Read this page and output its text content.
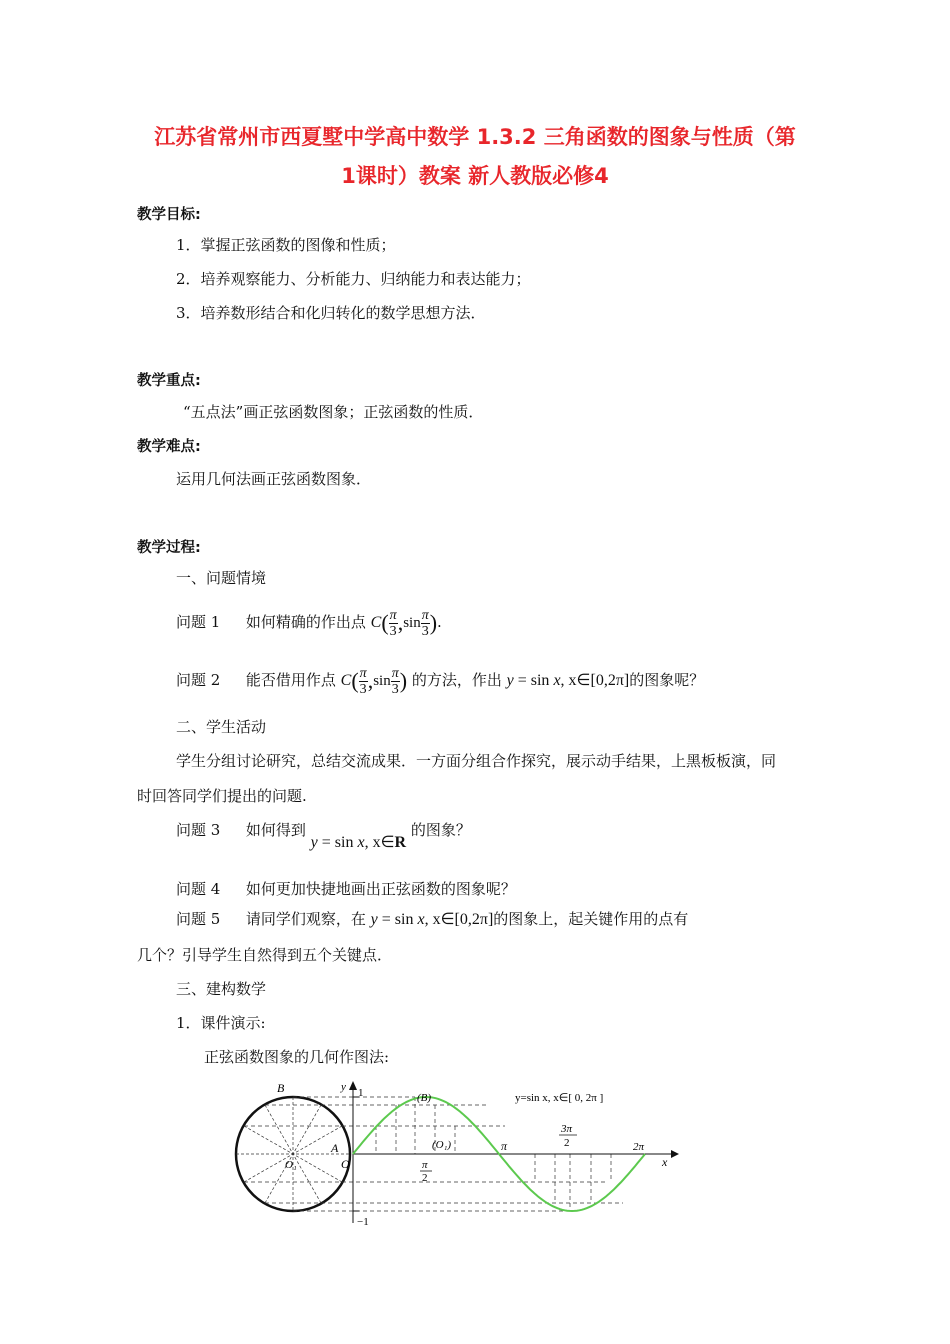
江苏省常州市西夏墅中学高中数学 1.3.2 三角函数的图象与性质（第
1课时）教案 新人教版必修4
教学目标:
1．掌握正弦函数的图像和性质；
2．培养观察能力、分析能力、归纳能力和表达能力；
3．培养数形结合和化归转化的数学思想方法．
教学重点:
“五点法”画正弦函数图象；正弦函数的性质．
教学难点:
运用几何法画正弦函数图象．
教学过程:
一、问题情境
问题 1 如何精确的作出点 $C( \frac{\pi}{3} ,\sin \frac{\pi}{3}$ ).
问题 2 能否借用作点 $C( \frac{\pi}{3} ,\sin \frac{\pi}{3}$ ) 的方法，作出 y = sin x, x∈[0,2π]的图象呢？
二、学生活动
学生分组讨论研究，总结交流成果．一方面分组合作探究，展示动手结果，上黑板板演，同
时回答同学们提出的问题.
问题 3 如何得到 y = sin x, x∈R 的图象？
问题 4 如何更加快捷地画出正弦函数的图象呢？
问题 5 请同学们观察，在 y = sin x, x∈[0,2π]的图象上，起关键作用的点有
几个？引导学生自然得到五个关键点．
三、建构数学
1．课件演示:
正弦函数图象的几何作图法:
B
A
O₁
y 1
−1
O
(B)
(O₁)	π
π
2
3π
2	2π
x
y=sin x, x∈[ 0, 2π ]
